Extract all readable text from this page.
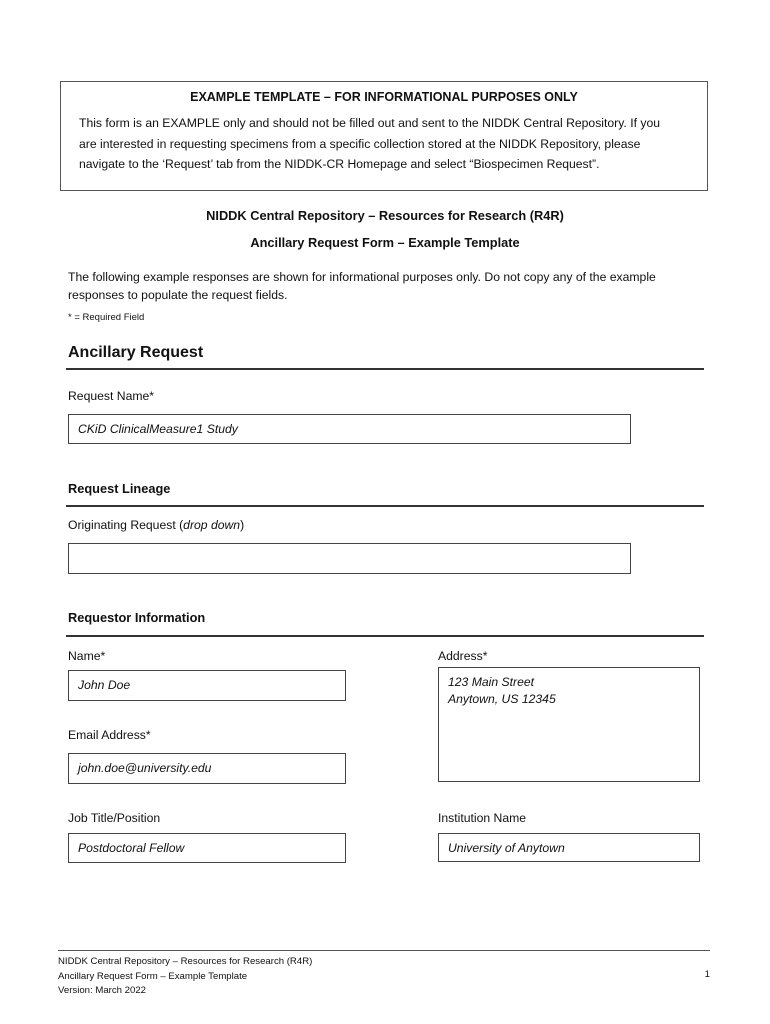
EXAMPLE TEMPLATE – FOR INFORMATIONAL PURPOSES ONLY
This form is an EXAMPLE only and should not be filled out and sent to the NIDDK Central Repository. If you
are interested in requesting specimens from a specific collection stored at the NIDDK Repository, please
navigate to the ‘Request’ tab from the NIDDK-CR Homepage and select “Biospecimen Request”.
NIDDK Central Repository – Resources for Research (R4R)
Ancillary Request Form – Example Template
The following example responses are shown for informational purposes only. Do not copy any of the example
responses to populate the request fields.
* = Required Field
Ancillary Request
Request Name*
CKiD ClinicalMeasure1 Study
Request Lineage
Originating Request (drop down)
Requestor Information
Name*
John Doe
Address*
123 Main Street
Anytown, US 12345
Email Address*
john.doe@university.edu
Job Title/Position
Postdoctoral Fellow
Institution Name
University of Anytown
NIDDK Central Repository – Resources for Research (R4R)
Ancillary Request Form – Example Template
Version: March 2022
1
